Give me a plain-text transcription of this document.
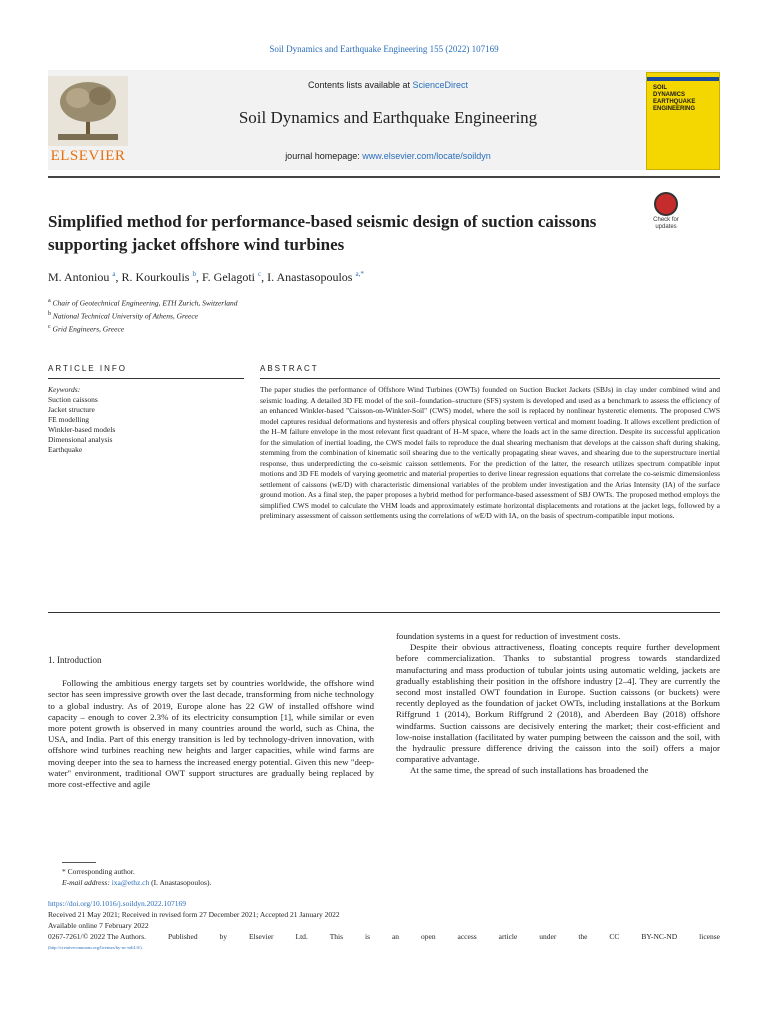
Soil Dynamics and Earthquake Engineering 155 (2022) 107169
ELSEVIER
Contents lists available at ScienceDirect
Soil Dynamics and Earthquake Engineering
journal homepage: www.elsevier.com/locate/soildyn
SOIL
DYNAMICS
EARTHQUAKE
ENGINEERING
Simplified method for performance-based seismic design of suction caissons supporting jacket offshore wind turbines
Check for
updates
M. Antoniou $^a$, R. Kourkoulis $^b$, F. Gelagoti $^c$, I. Anastasopoulos $^{a,*}$
$^a$ Chair of Geotechnical Engineering, ETH Zurich, Switzerland
$^b$ National Technical University of Athens, Greece
$^c$ Grid Engineers, Greece
ARTICLE INFO	ABSTRACT
Keywords:
Suction caissons
Jacket structure
FE modelling
Winkler-based models
Dimensional analysis
Earthquake
The paper studies the performance of Offshore Wind Turbines (OWTs) founded on Suction Bucket Jackets (SBJs) in clay under combined wind and seismic loading. A detailed 3D FE model of the soil–foundation–structure (SFS) system is developed and used as a benchmark to assess the efficiency of an enhanced Winkler-based "Caisson-on-Winkler-Soil" (CWS) model, where the soil is replaced by nonlinear hysteretic elements. The proposed CWS model captures residual deformations and hysteresis and offers physical coupling between vertical and moment loading. It allows excellent prediction of the H–M failure envelope in the most relevant first quadrant of H–M space, where the loads act in the same direction. Despite its successful application for the simulation of inertial loading, the CWS model fails to reproduce the dual shearing mechanism that develops at the caisson shaft during shaking, stemming from the combination of kinematic soil shearing due to the vertically propagating shear waves, and shearing due to the superstructure inertial response, thus underpredicting the co-seismic caisson settlements. For the prediction of the latter, the research utilizes spectrum compatible input motions and 3D FE models of varying geometric and material properties to derive linear regression equations that correlate the co-seismic dimensionless settlement of caissons (wE/D) with characteristic dimensional variables of the problem under investigation and the Arias Intensity (IA) of the surface ground motion. As a final step, the paper proposes a hybrid method for performance-based assessment of SBJ OWTs. The proposed method employs the simplified CWS model to calculate the VHM loads and approximately estimate horizontal displacements and rotations at the jacket legs, followed by a preliminary assessment of caisson settlements using the correlations of wE/D with IA, on the basis of spectrum-compatible input motions.
1. Introduction

Following the ambitious energy targets set by countries worldwide, the offshore wind sector has seen impressive growth over the last decade, transforming from niche technology to a global industry. As of 2019, Europe alone has 22 GW of installed offshore wind capacity – enough to cover 2.3% of its electricity consumption [1], while similar or even more potent growth is observed in many countries around the world, such as China, the USA, and India. Part of this energy transition is led by technology-driven innovation, with offshore wind turbines reaching new heights and larger capacities, while wind farms are moving deeper into the sea to harness the increased energy potential. Given this new "deep-water" environment, traditional OWT support structures are gradually being replaced by more cost-effective and agile

foundation systems in a quest for reduction of investment costs.

Despite their obvious attractiveness, floating concepts require further development before commercialization. Thanks to substantial progress towards standardized manufacturing and mass production of tubular joints using automatic welding, jackets are gradually establishing their position in the offshore industry [2–4]. They are currently the second most installed OWT foundation in Europe. Suction caissons (or buckets) were recently deployed as the foundation of jacket OWTs, including installations at the Borkum Riffgrund 1 (2014), Borkum Riffgrund 2 (2018), and Aberdeen Bay (2018) offshore windfarms. Suction caissons are decisively entering the market; their cost-efficient and low-noise installation (facilitated by water pumping between the caisson and the soil, with the hydraulic pressure difference driving the caisson into the soil) offers a major comparative advantage.

At the same time, the spread of such installations has broadened the

* Corresponding author.
E-mail address: ixa@ethz.ch (I. Anastasopoulos).
https://doi.org/10.1016/j.soildyn.2022.107169
Received 21 May 2021; Received in revised form 27 December 2021; Accepted 21 January 2022
Available online 7 February 2022
0267-7261/© 2022 The Authors.	Published	by	Elsevier	Ltd.	This	is	an	open	access	article	under	the	CC	BY-NC-ND	license
(http://creativecommons.org/licenses/by-nc-nd/4.0/).
